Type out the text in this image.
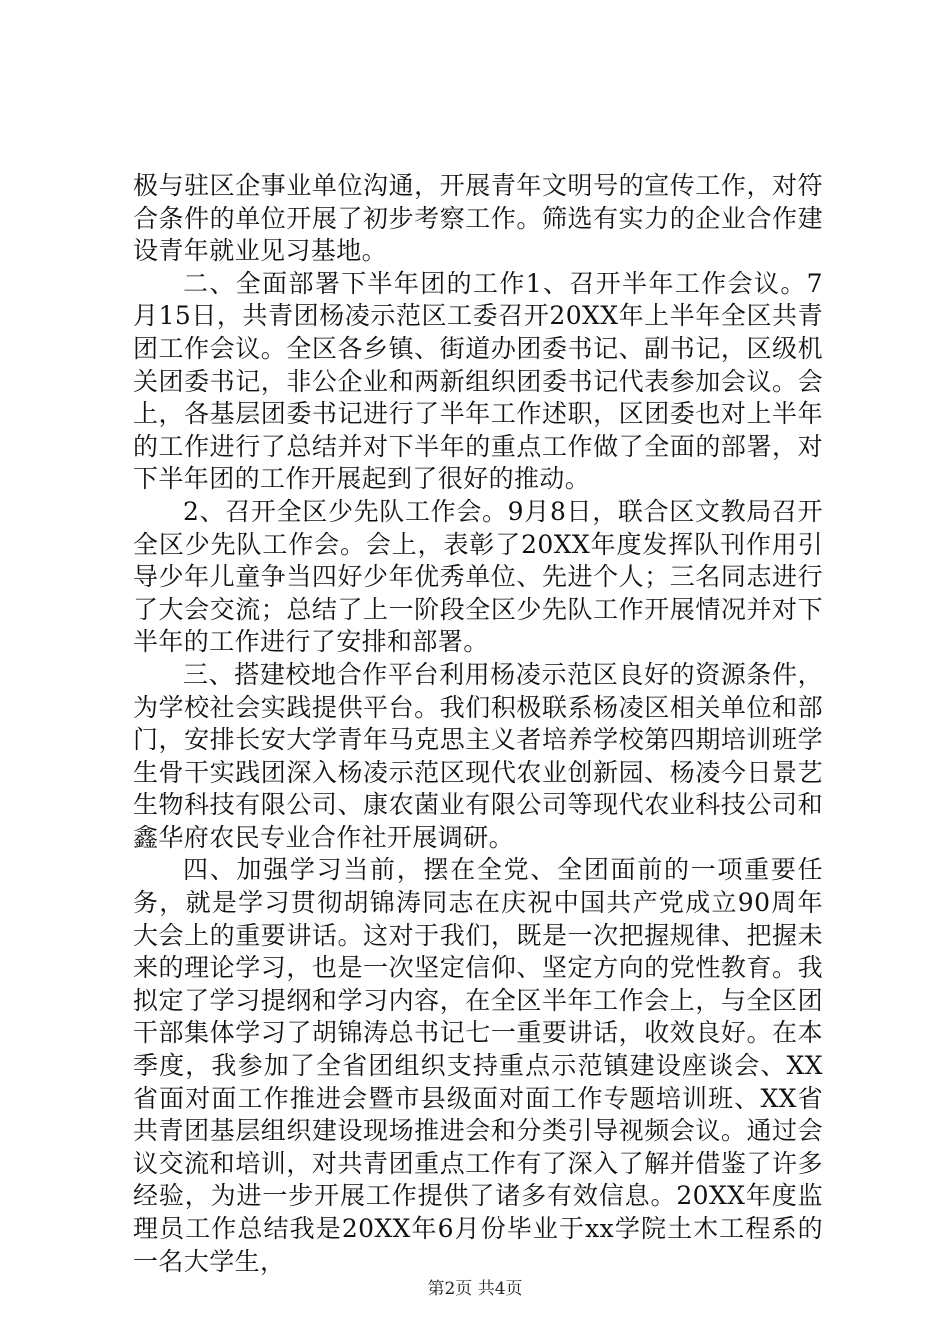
极与驻区企事业单位沟通，开展青年文明号的宣传工作，对符合条件的单位开展了初步考察工作。筛选有实力的企业合作建设青年就业见习基地。

二、全面部署下半年团的工作1、召开半年工作会议。7月15日，共青团杨凌示范区工委召开20XX年上半年全区共青团工作会议。全区各乡镇、街道办团委书记、副书记，区级机关团委书记，非公企业和两新组织团委书记代表参加会议。会上，各基层团委书记进行了半年工作述职，区团委也对上半年的工作进行了总结并对下半年的重点工作做了全面的部署，对下半年团的工作开展起到了很好的推动。

2、召开全区少先队工作会。9月8日，联合区文教局召开全区少先队工作会。会上，表彰了20XX年度发挥队刊作用引导少年儿童争当四好少年优秀单位、先进个人；三名同志进行了大会交流；总结了上一阶段全区少先队工作开展情况并对下半年的工作进行了安排和部署。

三、搭建校地合作平台利用杨凌示范区良好的资源条件，为学校社会实践提供平台。我们积极联系杨凌区相关单位和部门，安排长安大学青年马克思主义者培养学校第四期培训班学生骨干实践团深入杨凌示范区现代农业创新园、杨凌今日景艺生物科技有限公司、康农菌业有限公司等现代农业科技公司和鑫华府农民专业合作社开展调研。

四、加强学习当前，摆在全党、全团面前的一项重要任务，就是学习贯彻胡锦涛同志在庆祝中国共产党成立90周年大会上的重要讲话。这对于我们，既是一次把握规律、把握未来的理论学习，也是一次坚定信仰、坚定方向的党性教育。我拟定了学习提纲和学习内容，在全区半年工作会上，与全区团干部集体学习了胡锦涛总书记七一重要讲话，收效良好。在本季度，我参加了全省团组织支持重点示范镇建设座谈会、XX省面对面工作推进会暨市县级面对面工作专题培训班、XX省共青团基层组织建设现场推进会和分类引导视频会议。通过会议交流和培训，对共青团重点工作有了深入了解并借鉴了许多经验，为进一步开展工作提供了诸多有效信息。20XX年度监理员工作总结我是20XX年6月份毕业于xx学院土木工程系的一名大学生，

第2页 共4页
